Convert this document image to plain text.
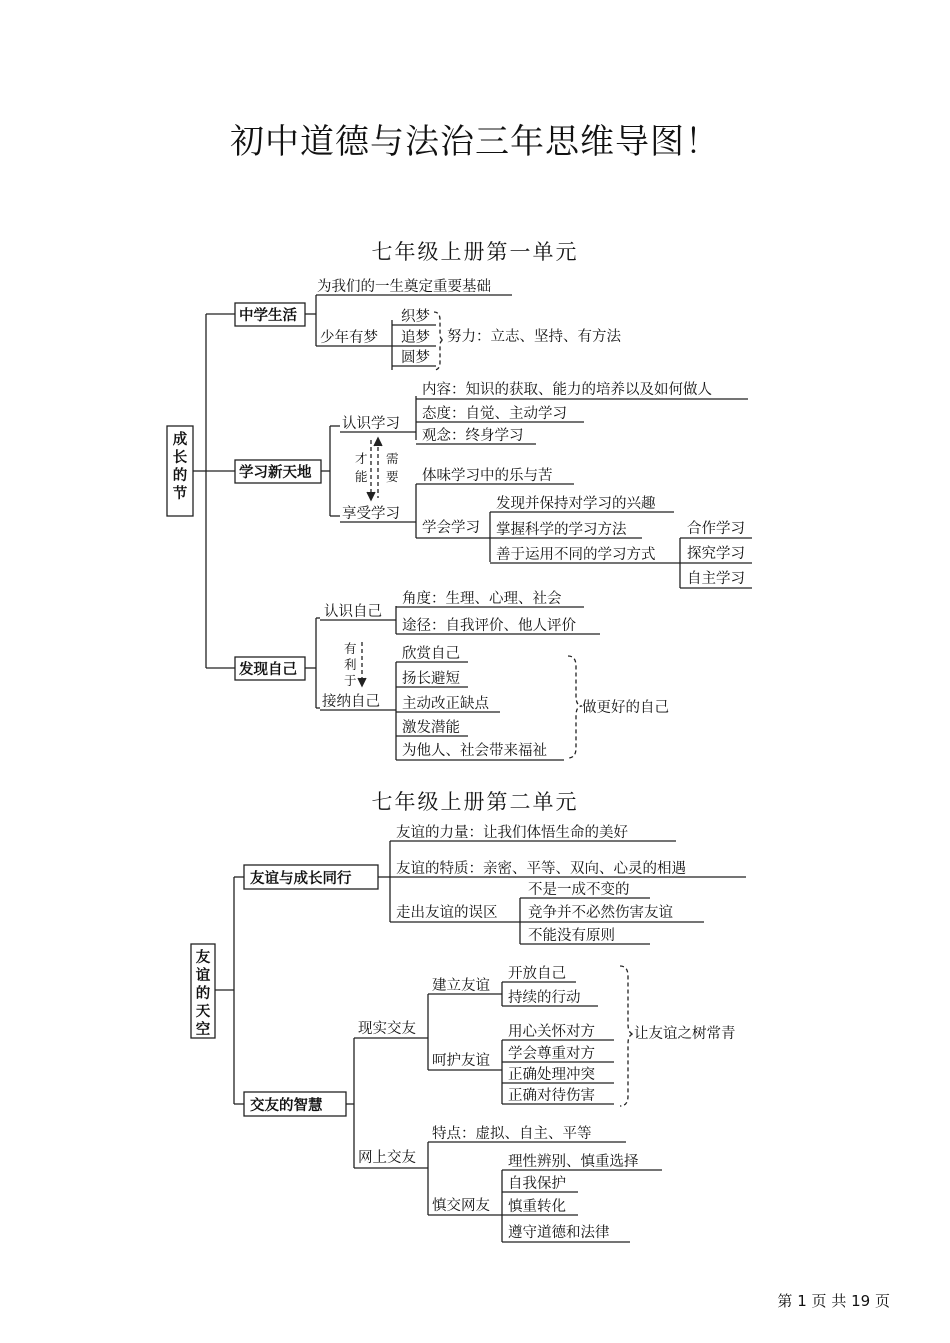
初中道德与法治三年思维导图！
七年级上册第一单元
成
长
的
节
中学生活
为我们的一生奠定重要基础
少年有梦
织梦
追梦
圆梦
努力：立志、坚持、有方法
学习新天地
认识学习
内容：知识的获取、能力的培养以及如何做人
态度：自觉、主动学习
观念：终身学习
才
能
需
要
享受学习
体味学习中的乐与苦
学会学习
发现并保持对学习的兴趣
掌握科学的学习方法
善于运用不同的学习方式
合作学习
探究学习
自主学习
发现自己
认识自己
角度：生理、心理、社会
途径：自我评价、他人评价
有
利
于
接纳自己
欣赏自己
扬长避短
主动改正缺点
激发潜能
为他人、社会带来福祉
做更好的自己
七年级上册第二单元
友
谊
的
天
空
友谊与成长同行
友谊的力量：让我们体悟生命的美好
友谊的特质：亲密、平等、双向、心灵的相遇
走出友谊的误区
不是一成不变的
竞争并不必然伤害友谊
不能没有原则
交友的智慧
现实交友
建立友谊
开放自己
持续的行动
呵护友谊
用心关怀对方
学会尊重对方
正确处理冲突
正确对待伤害
让友谊之树常青
网上交友
特点：虚拟、自主、平等
慎交网友
理性辨别、慎重选择
自我保护
慎重转化
遵守道德和法律
第 1 页 共 19 页
